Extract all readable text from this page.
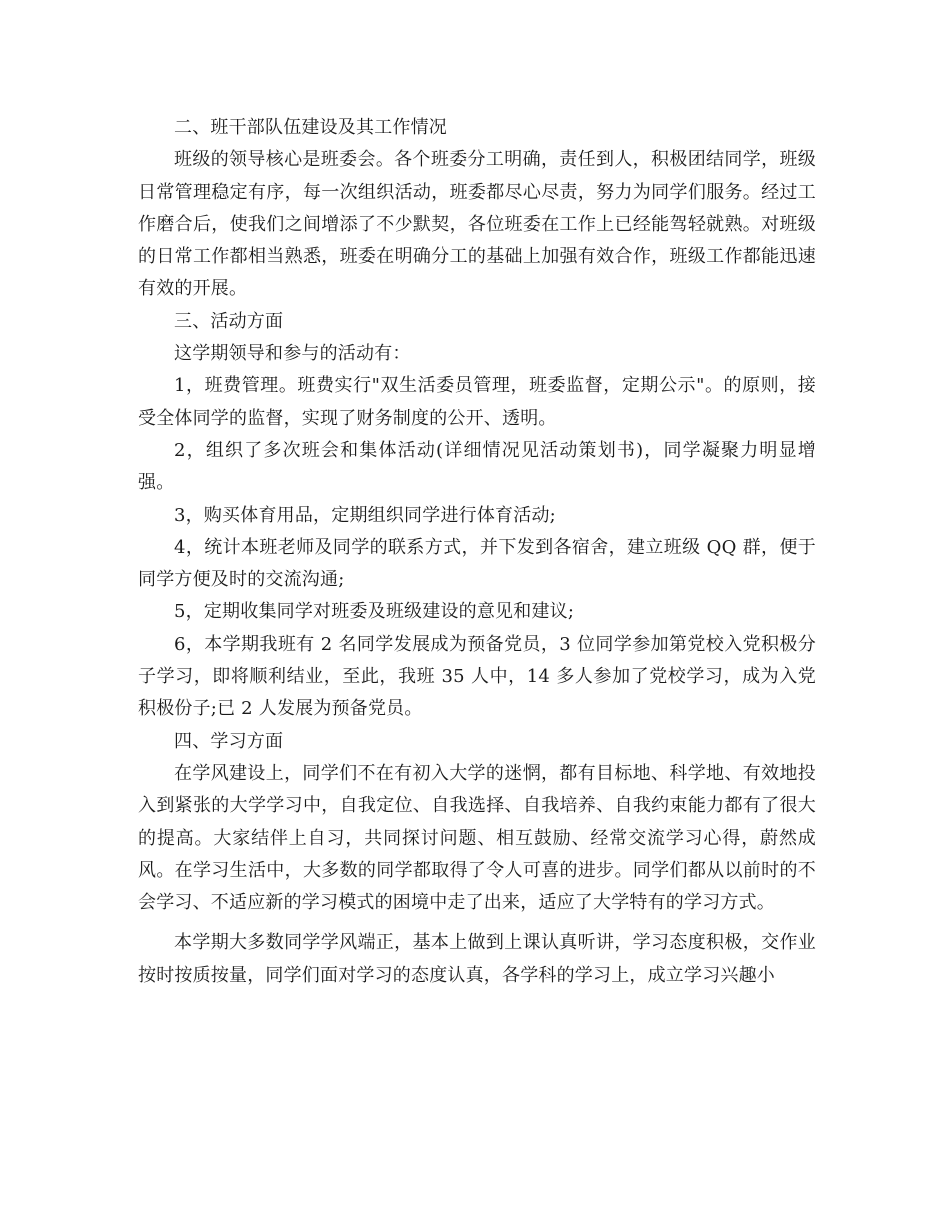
二、班干部队伍建设及其工作情况

班级的领导核心是班委会。各个班委分工明确，责任到人，积极团结同学，班级日常管理稳定有序，每一次组织活动，班委都尽心尽责，努力为同学们服务。经过工作磨合后，使我们之间增添了不少默契，各位班委在工作上已经能驾轻就熟。对班级的日常工作都相当熟悉，班委在明确分工的基础上加强有效合作，班级工作都能迅速有效的开展。

三、活动方面

这学期领导和参与的活动有：

1，班费管理。班费实行"双生活委员管理，班委监督，定期公示"。的原则，接受全体同学的监督，实现了财务制度的公开、透明。

2，组织了多次班会和集体活动(详细情况见活动策划书)，同学凝聚力明显增强。

3，购买体育用品，定期组织同学进行体育活动;

4，统计本班老师及同学的联系方式，并下发到各宿舍，建立班级 QQ 群，便于同学方便及时的交流沟通;

5，定期收集同学对班委及班级建设的意见和建议;

6，本学期我班有 2 名同学发展成为预备党员，3 位同学参加第党校入党积极分子学习，即将顺利结业，至此，我班 35 人中，14 多人参加了党校学习，成为入党积极份子;已 2 人发展为预备党员。

四、学习方面

在学风建设上，同学们不在有初入大学的迷惘，都有目标地、科学地、有效地投入到紧张的大学学习中，自我定位、自我选择、自我培养、自我约束能力都有了很大的提高。大家结伴上自习，共同探讨问题、相互鼓励、经常交流学习心得，蔚然成风。在学习生活中，大多数的同学都取得了令人可喜的进步。同学们都从以前时的不会学习、不适应新的学习模式的困境中走了出来，适应了大学特有的学习方式。

本学期大多数同学学风端正，基本上做到上课认真听讲，学习态度积极，交作业按时按质按量，同学们面对学习的态度认真，各学科的学习上，成立学习兴趣小
